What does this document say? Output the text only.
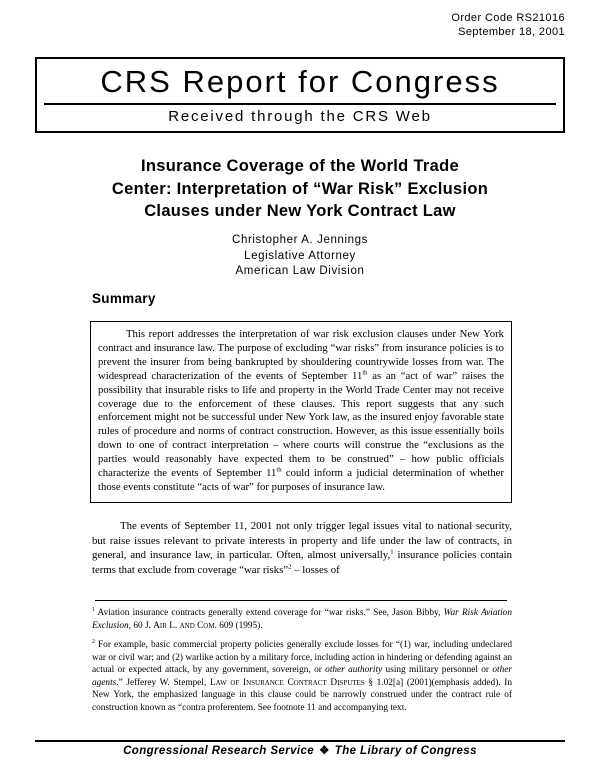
Order Code RS21016
September 18, 2001
CRS Report for Congress
Received through the CRS Web
Insurance Coverage of the World Trade
Center: Interpretation of “War Risk” Exclusion
Clauses under New York Contract Law
Christopher A. Jennings
Legislative Attorney
American Law Division
Summary

This report addresses the interpretation of war risk exclusion clauses under New York contract and insurance law. The purpose of excluding “war risks” from insurance policies is to prevent the insurer from being bankrupted by shouldering countrywide losses from war. The widespread characterization of the events of September 11th as an “act of war” raises the possibility that insurable risks to life and property in the World Trade Center may not receive coverage due to the enforcement of these clauses. This report suggests that any such enforcement might not be successful under New York law, as the insured enjoy favorable state rules of procedure and norms of contract construction. However, as this issue essentially boils down to one of contract interpretation – where courts will construe the “exclusions as the parties would reasonably have expected them to be construed” – how public officials characterize the events of September 11th could inform a judicial determination of whether those events constitute “acts of war” for purposes of insurance law.

The events of September 11, 2001 not only trigger legal issues vital to national security, but raise issues relevant to private interests in property and life under the law of contracts, in general, and insurance law, in particular. Often, almost universally,$^1$ insurance policies contain terms that exclude from coverage “war risks”$^2$ – losses of

$^1$ Aviation insurance contracts generally extend coverage for “war risks.” See, Jason Bibby, War Risk Aviation Exclusion, 60 J. Air L. and Com. 609 (1995).

$^2$ For example, basic commercial property policies generally exclude losses for “(1) war, including undeclared war or civil war; and (2) warlike action by a military force, including action in hindering or defending against an actual or expected attack, by any government, sovereign, or other authority using military personnel or other agents.” Jefferey W. Stempel, Law of Insurance Contract Disputes § 1.02[a] (2001)(emphasis added). In New York, the emphasized language in this clause could be narrowly construed under the contract rule of construction known as “contra proferentem. See footnote 11 and accompanying text.

Congressional Research Service ❖ The Library of Congress
